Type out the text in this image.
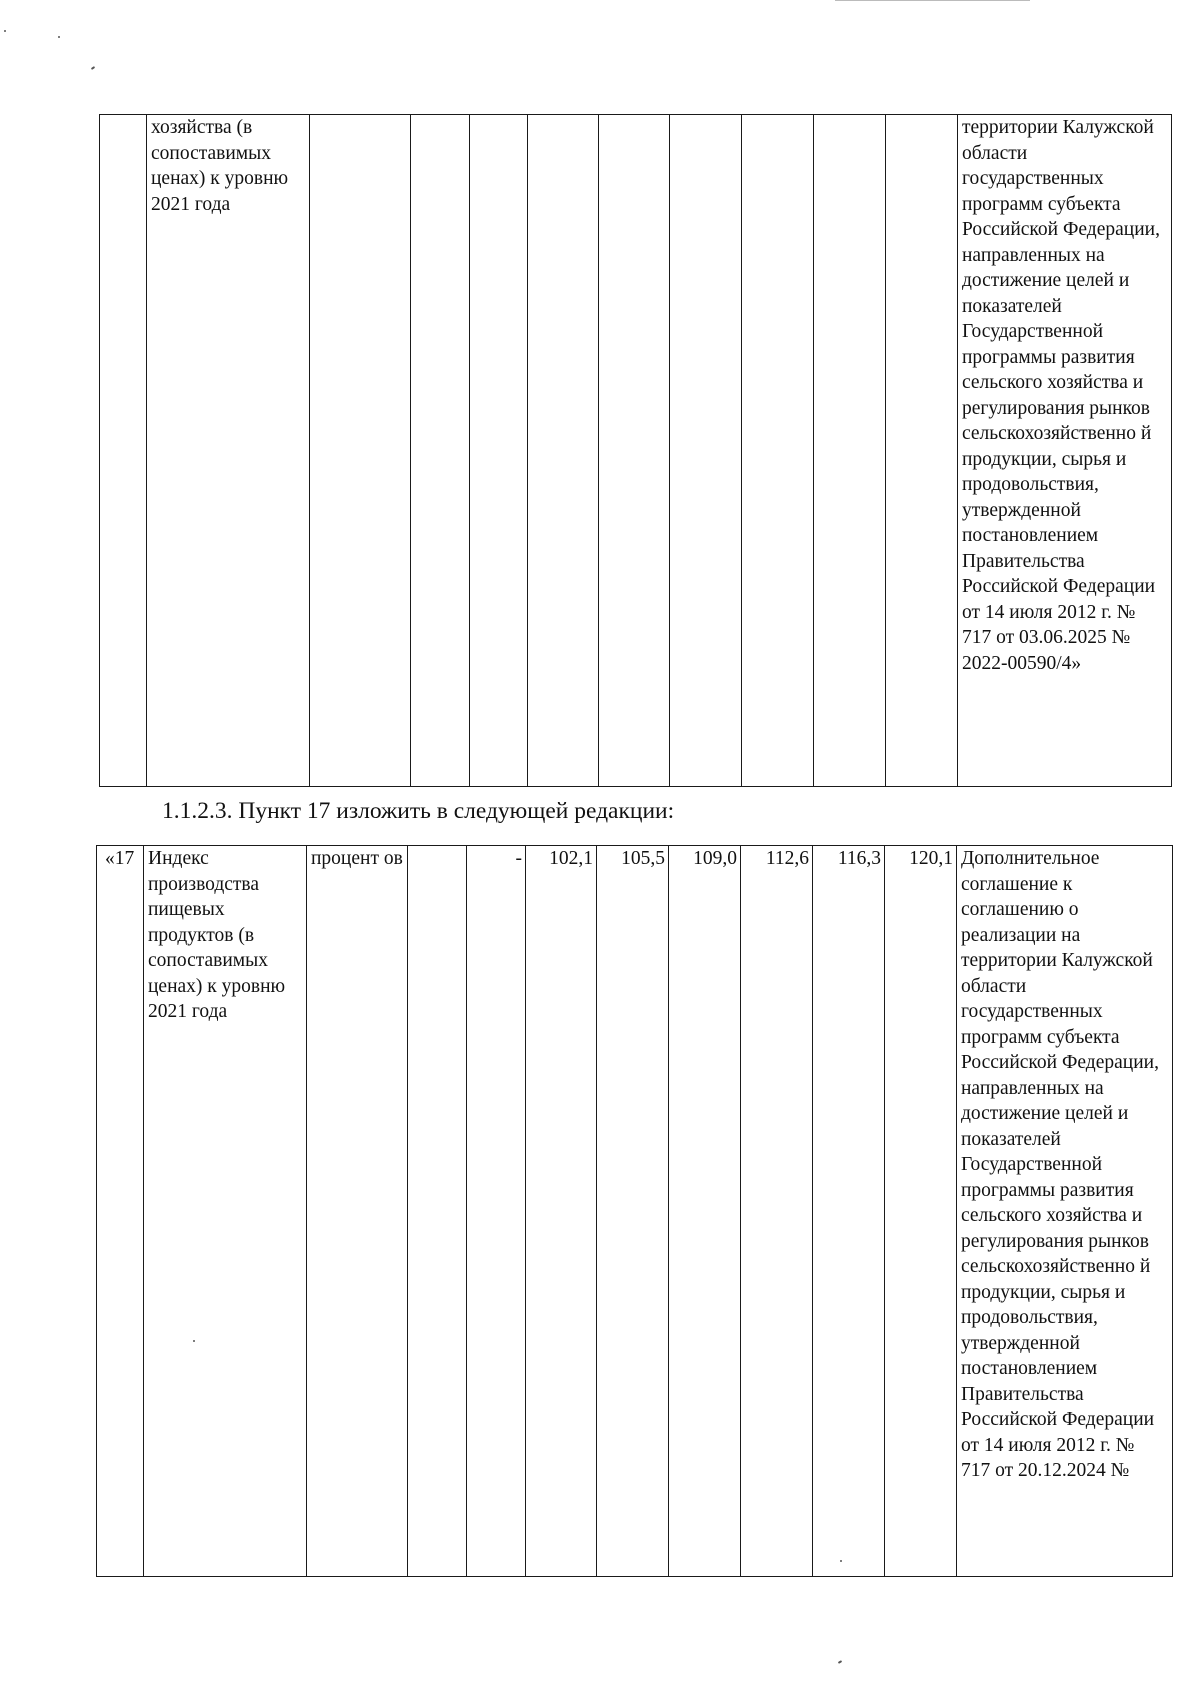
	хозяйства (в сопоставимых ценах) к уровню 2021 года										территории Калужской области государственных программ субъекта Российской Федерации, направленных на достижение целей и показателей Государственной программы развития сельского хозяйства и регулирования рынков сельскохозяйственно й продукции, сырья и продовольствия, утвержденной постановлением Правительства Российской Федерации от 14 июля 2012 г. № 717 от 03.06.2025 № 2022-00590/4»

1.1.2.3. Пункт 17 изложить в следующей редакции:

«17	Индекс производства пищевых продуктов (в сопоставимых ценах) к уровню 2021 года	процент ов		-	102,1	105,5	109,0	112,6	116,3	120,1	Дополнительное соглашение к соглашению о реализации на территории Калужской области государственных программ субъекта Российской Федерации, направленных на достижение целей и показателей Государственной программы развития сельского хозяйства и регулирования рынков сельскохозяйственно й продукции, сырья и продовольствия, утвержденной постановлением Правительства Российской Федерации от 14 июля 2012 г. № 717 от 20.12.2024 №
